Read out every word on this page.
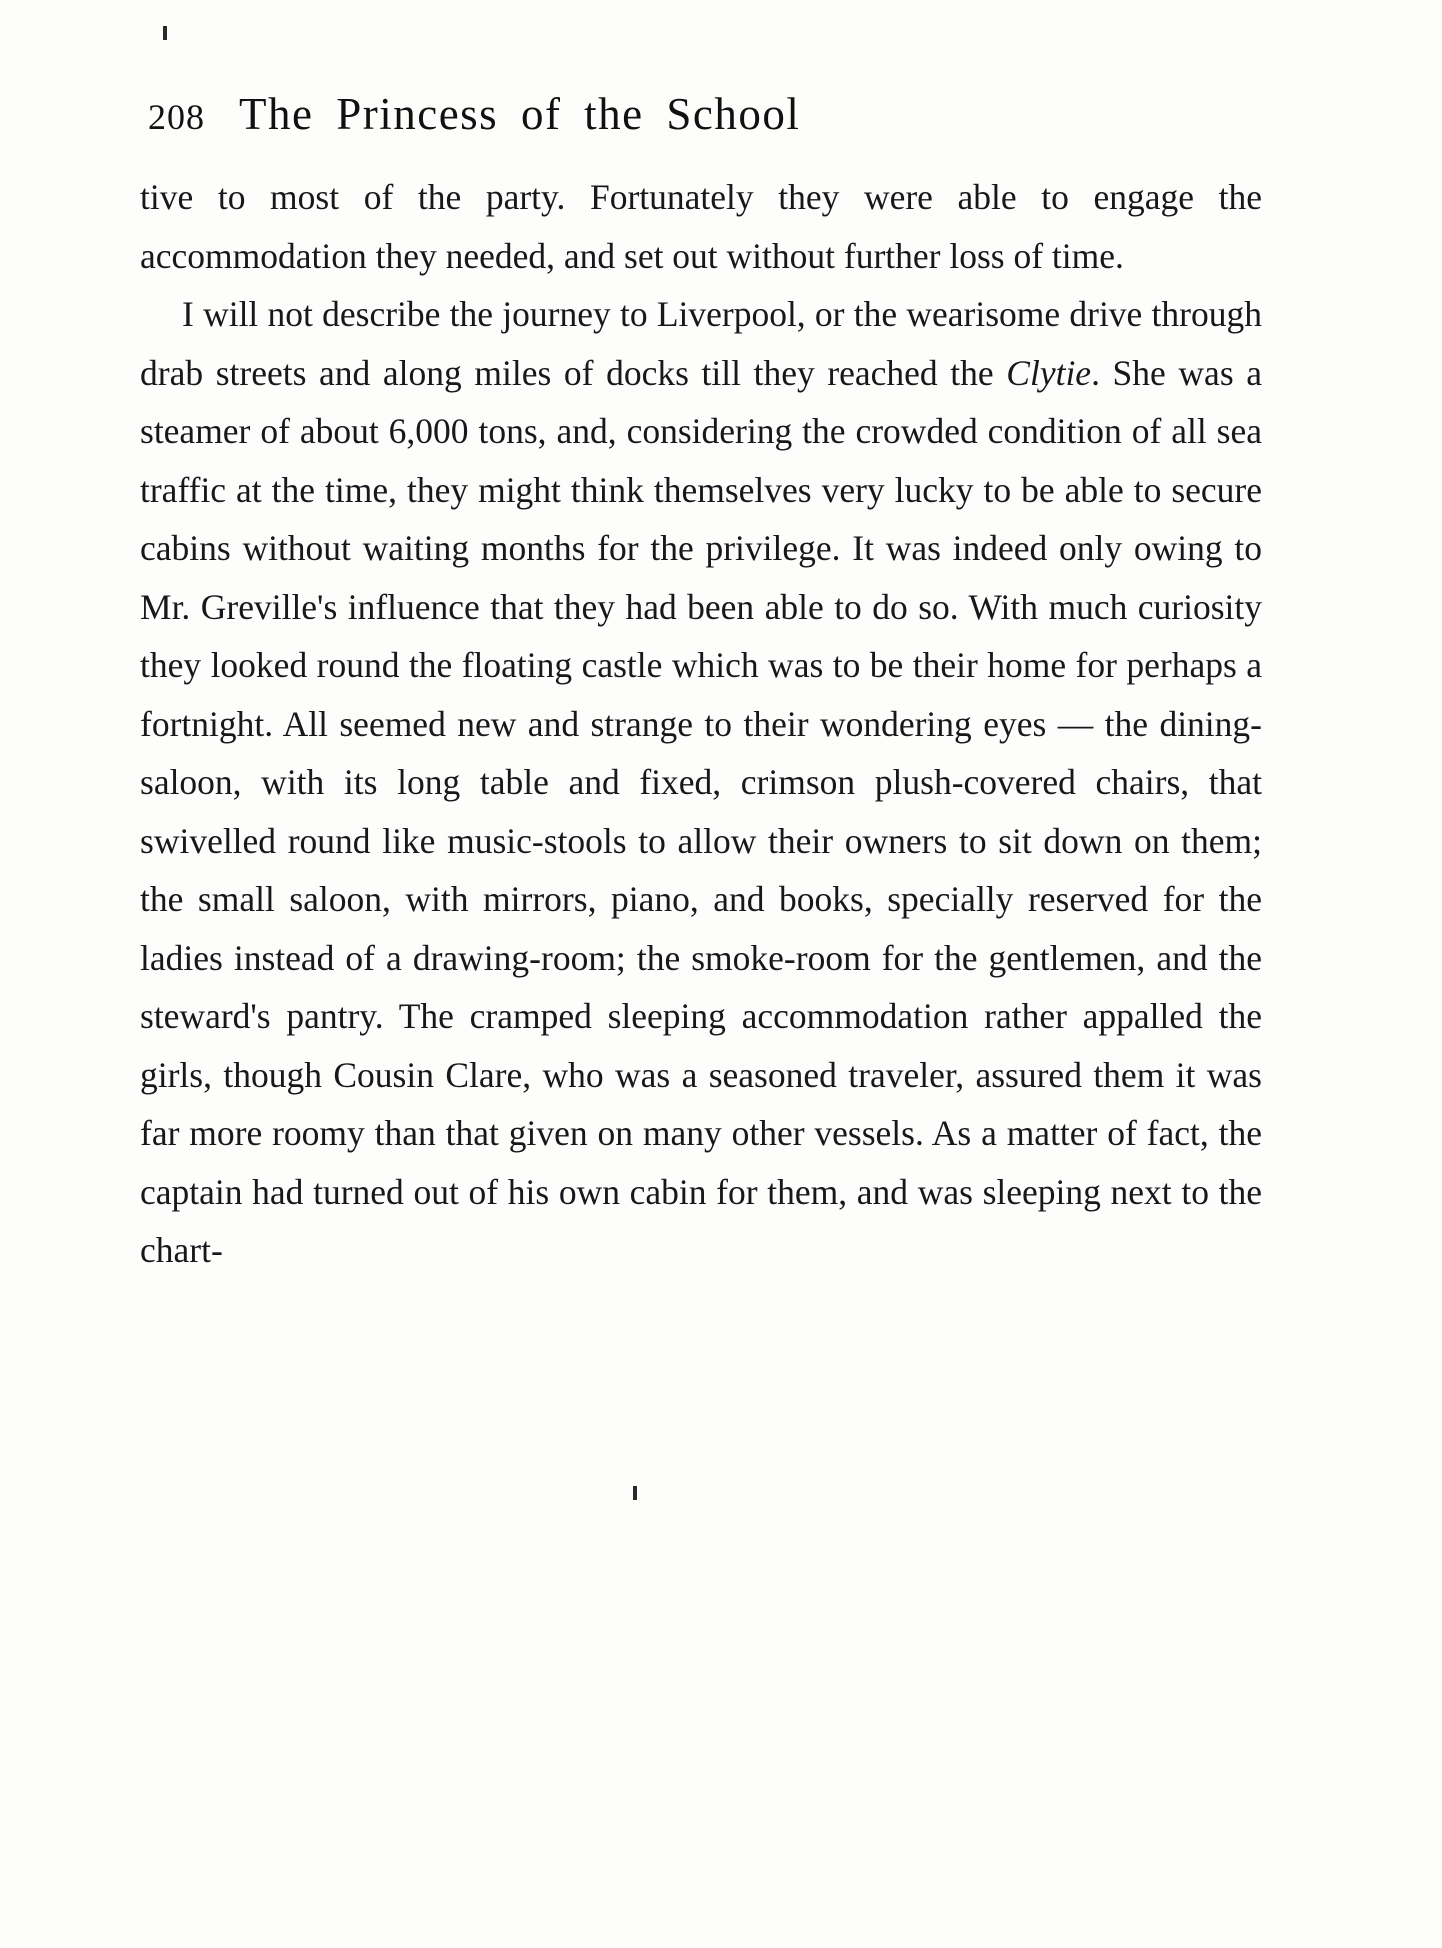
208 The Princess of the School

tive to most of the party. Fortunately they were able to engage the accommodation they needed, and set out without further loss of time.

I will not describe the journey to Liverpool, or the wearisome drive through drab streets and along miles of docks till they reached the Clytie. She was a steamer of about 6,000 tons, and, considering the crowded condition of all sea traffic at the time, they might think themselves very lucky to be able to secure cabins without waiting months for the privilege. It was indeed only owing to Mr. Greville's influence that they had been able to do so. With much curiosity they looked round the floating castle which was to be their home for perhaps a fortnight. All seemed new and strange to their wondering eyes — the dining-saloon, with its long table and fixed, crimson plush-covered chairs, that swivelled round like music-stools to allow their owners to sit down on them; the small saloon, with mirrors, piano, and books, specially reserved for the ladies instead of a drawing-room; the smoke-room for the gentlemen, and the steward's pantry. The cramped sleeping accommodation rather appalled the girls, though Cousin Clare, who was a seasoned traveler, assured them it was far more roomy than that given on many other vessels. As a matter of fact, the captain had turned out of his own cabin for them, and was sleeping next to the chart-
